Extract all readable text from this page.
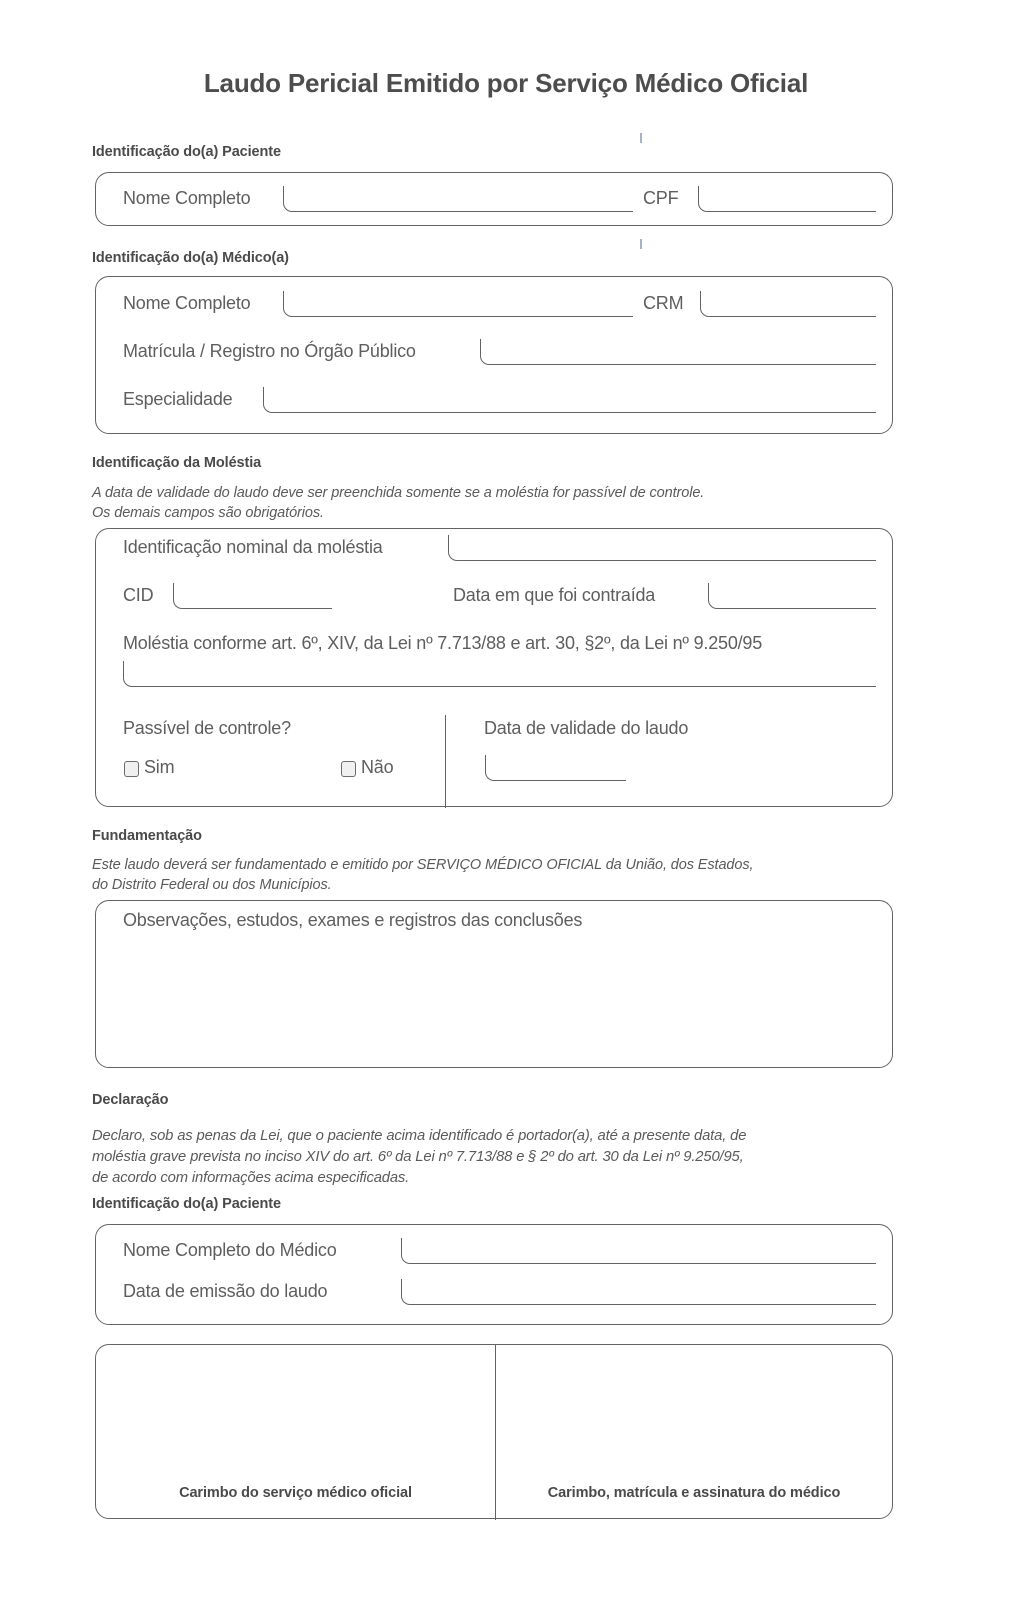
Laudo Pericial Emitido por Serviço Médico Oficial
Identificação do(a) Paciente
Nome Completo	CPF
Identificação do(a) Médico(a)
Nome Completo	CRM
Matrícula / Registro no Órgão Público
Especialidade
Identificação da Moléstia
A data de validade do laudo deve ser preenchida somente se a moléstia for passível de controle.
Os demais campos são obrigatórios.
Identificação nominal da moléstia
CID	Data em que foi contraída
Moléstia conforme art. 6º, XIV, da Lei nº 7.713/88 e art. 30, §2º, da Lei nº 9.250/95
Passível de controle?
Sim	Não
Data de validade do laudo
Fundamentação
Este laudo deverá ser fundamentado e emitido por SERVIÇO MÉDICO OFICIAL da União, dos Estados,
do Distrito Federal ou dos Municípios.
Observações, estudos, exames e registros das conclusões
Declaração
Declaro, sob as penas da Lei, que o paciente acima identificado é portador(a), até a presente data, de
moléstia grave prevista no inciso XIV do art. 6º da Lei nº 7.713/88 e § 2º do art. 30 da Lei nº 9.250/95,
de acordo com informações acima especificadas.
Identificação do(a) Paciente
Nome Completo do Médico
Data de emissão do laudo
Carimbo do serviço médico oficial	Carimbo, matrícula e assinatura do médico
